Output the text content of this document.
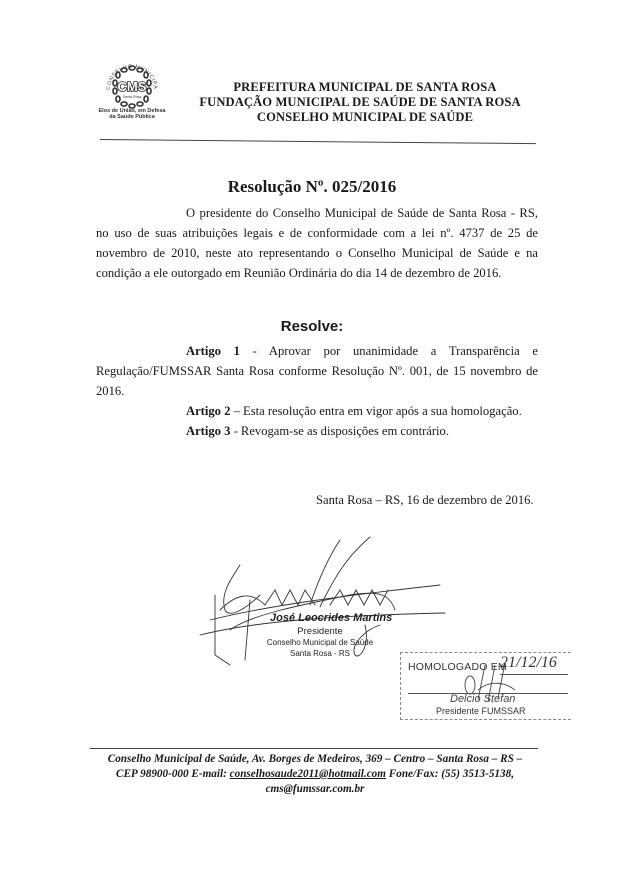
CONSELHO MUNICIPA
CMS
Santa Rosa
Elos de União, em Defesa
da Saúde Pública
PREFEITURA MUNICIPAL DE SANTA ROSA
FUNDAÇÃO MUNICIPAL DE SAÚDE DE SANTA ROSA
CONSELHO MUNICIPAL DE SAÚDE
Resolução Nº. 025/2016
O presidente do Conselho Municipal de Saúde de Santa Rosa - RS,
no uso de suas atribuições legais e de conformidade com a lei nº. 4737 de 25 de
novembro de 2010, neste ato representando o Conselho Municipal de Saúde e na
condição a ele outorgado em Reunião Ordinária do dia 14 de dezembro de 2016.
Resolve:
Artigo 1 - Aprovar por unanimidade a Transparência e
Regulação/FUMSSAR Santa Rosa conforme Resolução Nº. 001, de 15 novembro de
2016.
Artigo 2 – Esta resolução entra em vigor após a sua homologação.
Artigo 3 - Revogam-se as disposições em contrário.
Santa Rosa – RS, 16 de dezembro de 2016.
José Leocrides Martins
Presidente
Conselho Municipal de Saúde
Santa Rosa - RS
HOMOLOGADO EM
21/12/16
Delcio Stefan
Presidente FUMSSAR
Conselho Municipal de Saúde, Av. Borges de Medeiros, 369 – Centro – Santa Rosa – RS –
CEP 98900-000 E-mail: conselhosaude2011@hotmail.com Fone/Fax: (55) 3513-5138,
cms@fumssar.com.br
